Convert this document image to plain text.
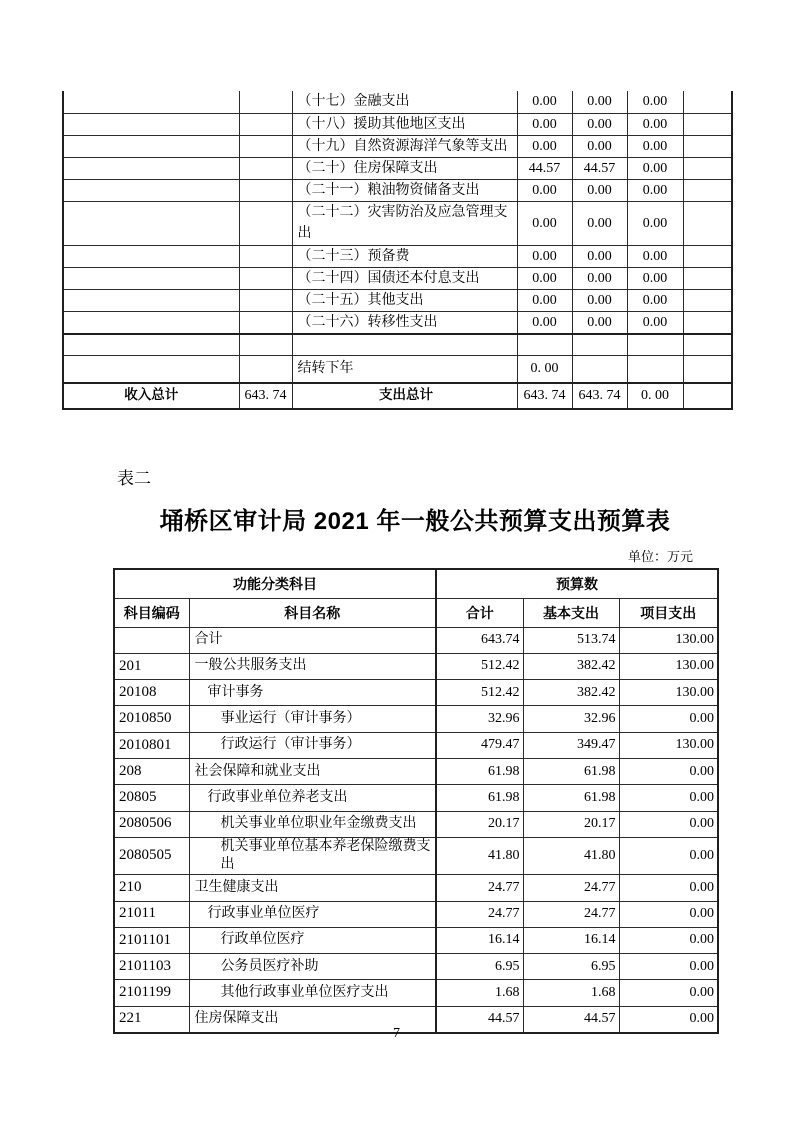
		（十七）金融支出	0.00	0.00	0.00	
		（十八）援助其他地区支出	0.00	0.00	0.00	
		（十九）自然资源海洋气象等支出	0.00	0.00	0.00	
		（二十）住房保障支出	44.57	44.57	0.00	
		（二十一）粮油物资储备支出	0.00	0.00	0.00	
		（二十二）灾害防治及应急管理支出	0.00	0.00	0.00	
		（二十三）预备费	0.00	0.00	0.00	
		（二十四）国债还本付息支出	0.00	0.00	0.00	
		（二十五）其他支出	0.00	0.00	0.00	
		（二十六）转移性支出	0.00	0.00	0.00	

		结转下年	0. 00			
收入总计	643. 74	支出总计	643. 74	643. 74	0. 00	
表二
埇桥区审计局 2021 年一般公共预算支出预算表
单位：万元
功能分类科目		预算数		
科目编码	科目名称	合计	基本支出	项目支出
	合计	643.74	513.74	130.00
201	一般公共服务支出	512.42	382.42	130.00
20108	审计事务	512.42	382.42	130.00
2010850	事业运行（审计事务）	32.96	32.96	0.00
2010801	行政运行（审计事务）	479.47	349.47	130.00
208	社会保障和就业支出	61.98	61.98	0.00
20805	行政事业单位养老支出	61.98	61.98	0.00
2080506	机关事业单位职业年金缴费支出	20.17	20.17	0.00
2080505	机关事业单位基本养老保险缴费支出	41.80	41.80	0.00
210	卫生健康支出	24.77	24.77	0.00
21011	行政事业单位医疗	24.77	24.77	0.00
2101101	行政单位医疗	16.14	16.14	0.00
2101103	公务员医疗补助	6.95	6.95	0.00
2101199	其他行政事业单位医疗支出	1.68	1.68	0.00
221	住房保障支出	44.57	44.57	0.00
7
